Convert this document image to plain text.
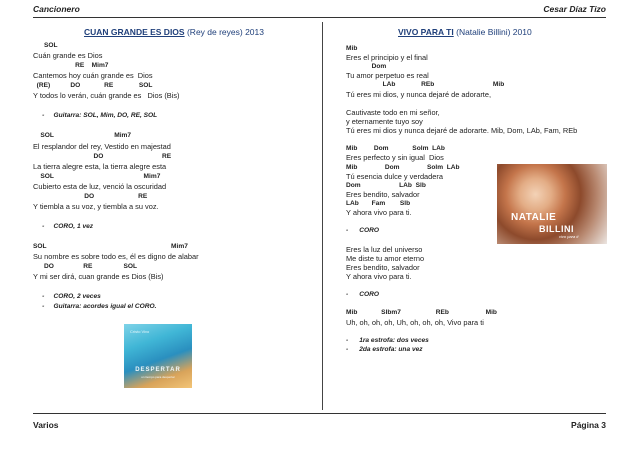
Cancionero	Cesar Díaz Tizo
CUAN GRANDE ES DIOS (Rey de reyes) 2013
SOL
Cuán grande es Dios
RE    Mim7
Cantemos hoy cuán grande es  Dios
(RE)           DO             RE              SOL
Y todos lo verán, cuán grande es   Dios (Bis)
-     Guitarra: SOL, Mim, DO, RE, SOL
SOL                                 Mim7
El resplandor del rey, Vestido en majestad
DO                                RE
La tierra alegre esta, la tierra alegre esta
SOL                                                 Mim7
Cubierto esta de luz, venció la oscuridad
DO                        RE
Y tiembla a su voz, y tiembla a su voz.
-     CORO, 1 vez
SOL                                                                    Mim7
Su nombre es sobre todo es, él es digno de alabar
DO                RE                 SOL
Y mi ser dirá, cuan grande es Dios (Bis)
-     CORO, 2 veces
-     Guitarra: acordes igual el CORO.
VIVO PARA TI (Natalie Billini) 2010
Mib
Eres el principio y el final
Dom
Tu amor perpetuo es real
LAb              REb                                Mib
Tú eres mi dios, y nunca dejaré de adorarte,
Cautivaste todo en mi señor,
y eternamente tuyo soy
Tú eres mi dios y nunca dejaré de adorarte. Mib, Dom, LAb, Fam, REb
Mib         Dom             Solm  LAb
Eres perfecto y sin igual  Dios
Mib               Dom               Solm  LAb
Tú esencia dulce y verdadera
Dom                     LAb  Slb
Eres bendito, salvador
LAb       Fam        Slb
Y ahora vivo para ti.
-      CORO
Eres la luz del universo
Me diste tu amor eterno
Eres bendito, salvador
Y ahora vivo para ti.
-      CORO
Mib             Slbm7                   REb                    Mib
Uh, oh, oh, oh, Uh, oh, oh, oh, Vivo para ti
-      1ra estrofa: dos veces
-      2da estrofa: una vez
Cristo Vivo
DESPERTAR
un tiempo para despertar
NATALIE
BILLINI
vivo para ti
Varios	Página 3
